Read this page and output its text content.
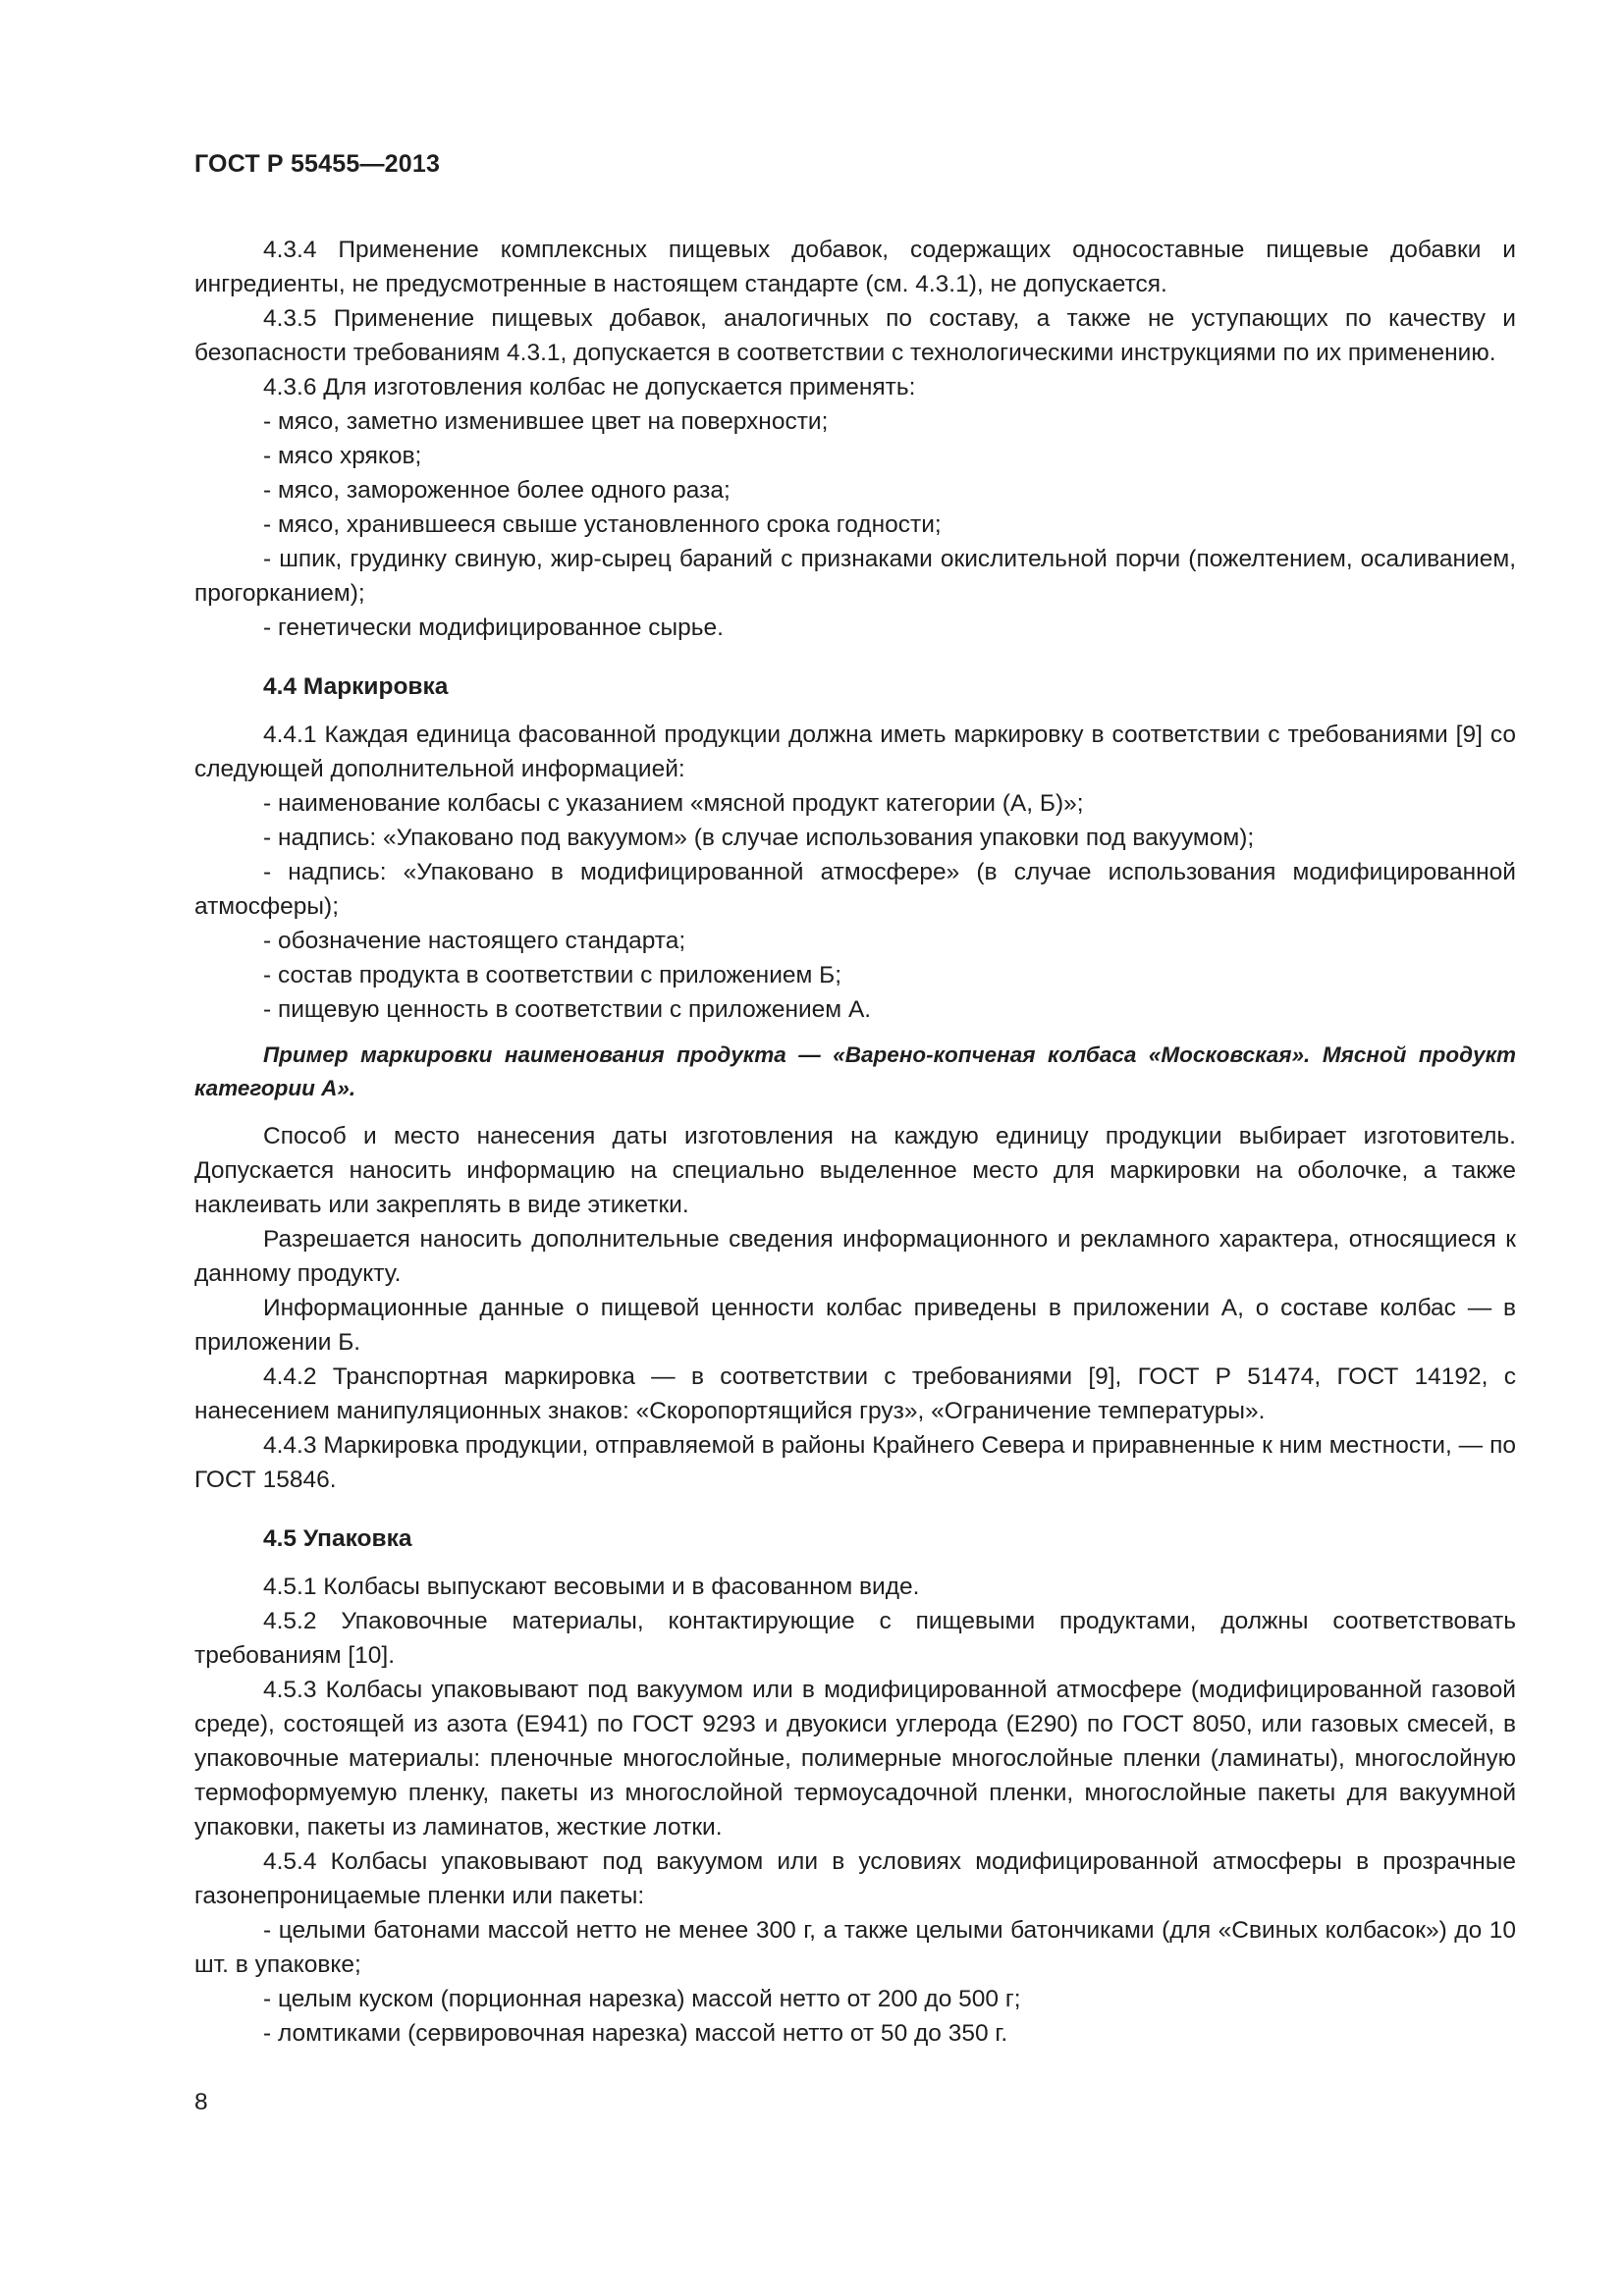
ГОСТ Р 55455—2013

4.3.4 Применение комплексных пищевых добавок, содержащих односоставные пищевые добавки и ингредиенты, не предусмотренные в настоящем стандарте (см. 4.3.1), не допускается.

4.3.5 Применение пищевых добавок, аналогичных по составу, а также не уступающих по качеству и безопасности требованиям 4.3.1, допускается в соответствии с технологическими инструкциями по их применению.

4.3.6 Для изготовления колбас не допускается применять:

- мясо, заметно изменившее цвет на поверхности;

- мясо хряков;

- мясо, замороженное более одного раза;

- мясо, хранившееся свыше установленного срока годности;

- шпик, грудинку свиную, жир-сырец бараний с признаками окислительной порчи (пожелтением, осаливанием, прогорканием);

- генетически модифицированное сырье.

4.4 Маркировка

4.4.1 Каждая единица фасованной продукции должна иметь маркировку в соответствии с требованиями [9] со следующей дополнительной информацией:

- наименование колбасы с указанием «мясной продукт категории (А, Б)»;

- надпись: «Упаковано под вакуумом» (в случае использования упаковки под вакуумом);

- надпись: «Упаковано в модифицированной атмосфере» (в случае использования модифицированной атмосферы);

- обозначение настоящего стандарта;

- состав продукта в соответствии с приложением Б;

- пищевую ценность в соответствии с приложением А.

Пример маркировки наименования продукта — «Варено-копченая колбаса «Московская». Мясной продукт категории А».

Способ и место нанесения даты изготовления на каждую единицу продукции выбирает изготовитель. Допускается наносить информацию на специально выделенное место для маркировки на оболочке, а также наклеивать или закреплять в виде этикетки.

Разрешается наносить дополнительные сведения информационного и рекламного характера, относящиеся к данному продукту.

Информационные данные о пищевой ценности колбас приведены в приложении А, о составе колбас — в приложении Б.

4.4.2 Транспортная маркировка — в соответствии с требованиями [9], ГОСТ Р 51474, ГОСТ 14192, с нанесением манипуляционных знаков: «Скоропортящийся груз», «Ограничение температуры».

4.4.3 Маркировка продукции, отправляемой в районы Крайнего Севера и приравненные к ним местности, — по ГОСТ 15846.

4.5 Упаковка

4.5.1 Колбасы выпускают весовыми и в фасованном виде.

4.5.2 Упаковочные материалы, контактирующие с пищевыми продуктами, должны соответствовать требованиям [10].

4.5.3 Колбасы упаковывают под вакуумом или в модифицированной атмосфере (модифицированной газовой среде), состоящей из азота (Е941) по ГОСТ 9293 и двуокиси углерода (Е290) по ГОСТ 8050, или газовых смесей, в упаковочные материалы: пленочные многослойные, полимерные многослойные пленки (ламинаты), многослойную термоформуемую пленку, пакеты из многослойной термоусадочной пленки, многослойные пакеты для вакуумной упаковки, пакеты из ламинатов, жесткие лотки.

4.5.4 Колбасы упаковывают под вакуумом или в условиях модифицированной атмосферы в прозрачные газонепроницаемые пленки или пакеты:

- целыми батонами массой нетто не менее 300 г, а также целыми батончиками (для «Свиных колбасок») до 10 шт. в упаковке;

- целым куском (порционная нарезка) массой нетто от 200 до 500 г;

- ломтиками (сервировочная нарезка) массой нетто от 50 до 350 г.

8
